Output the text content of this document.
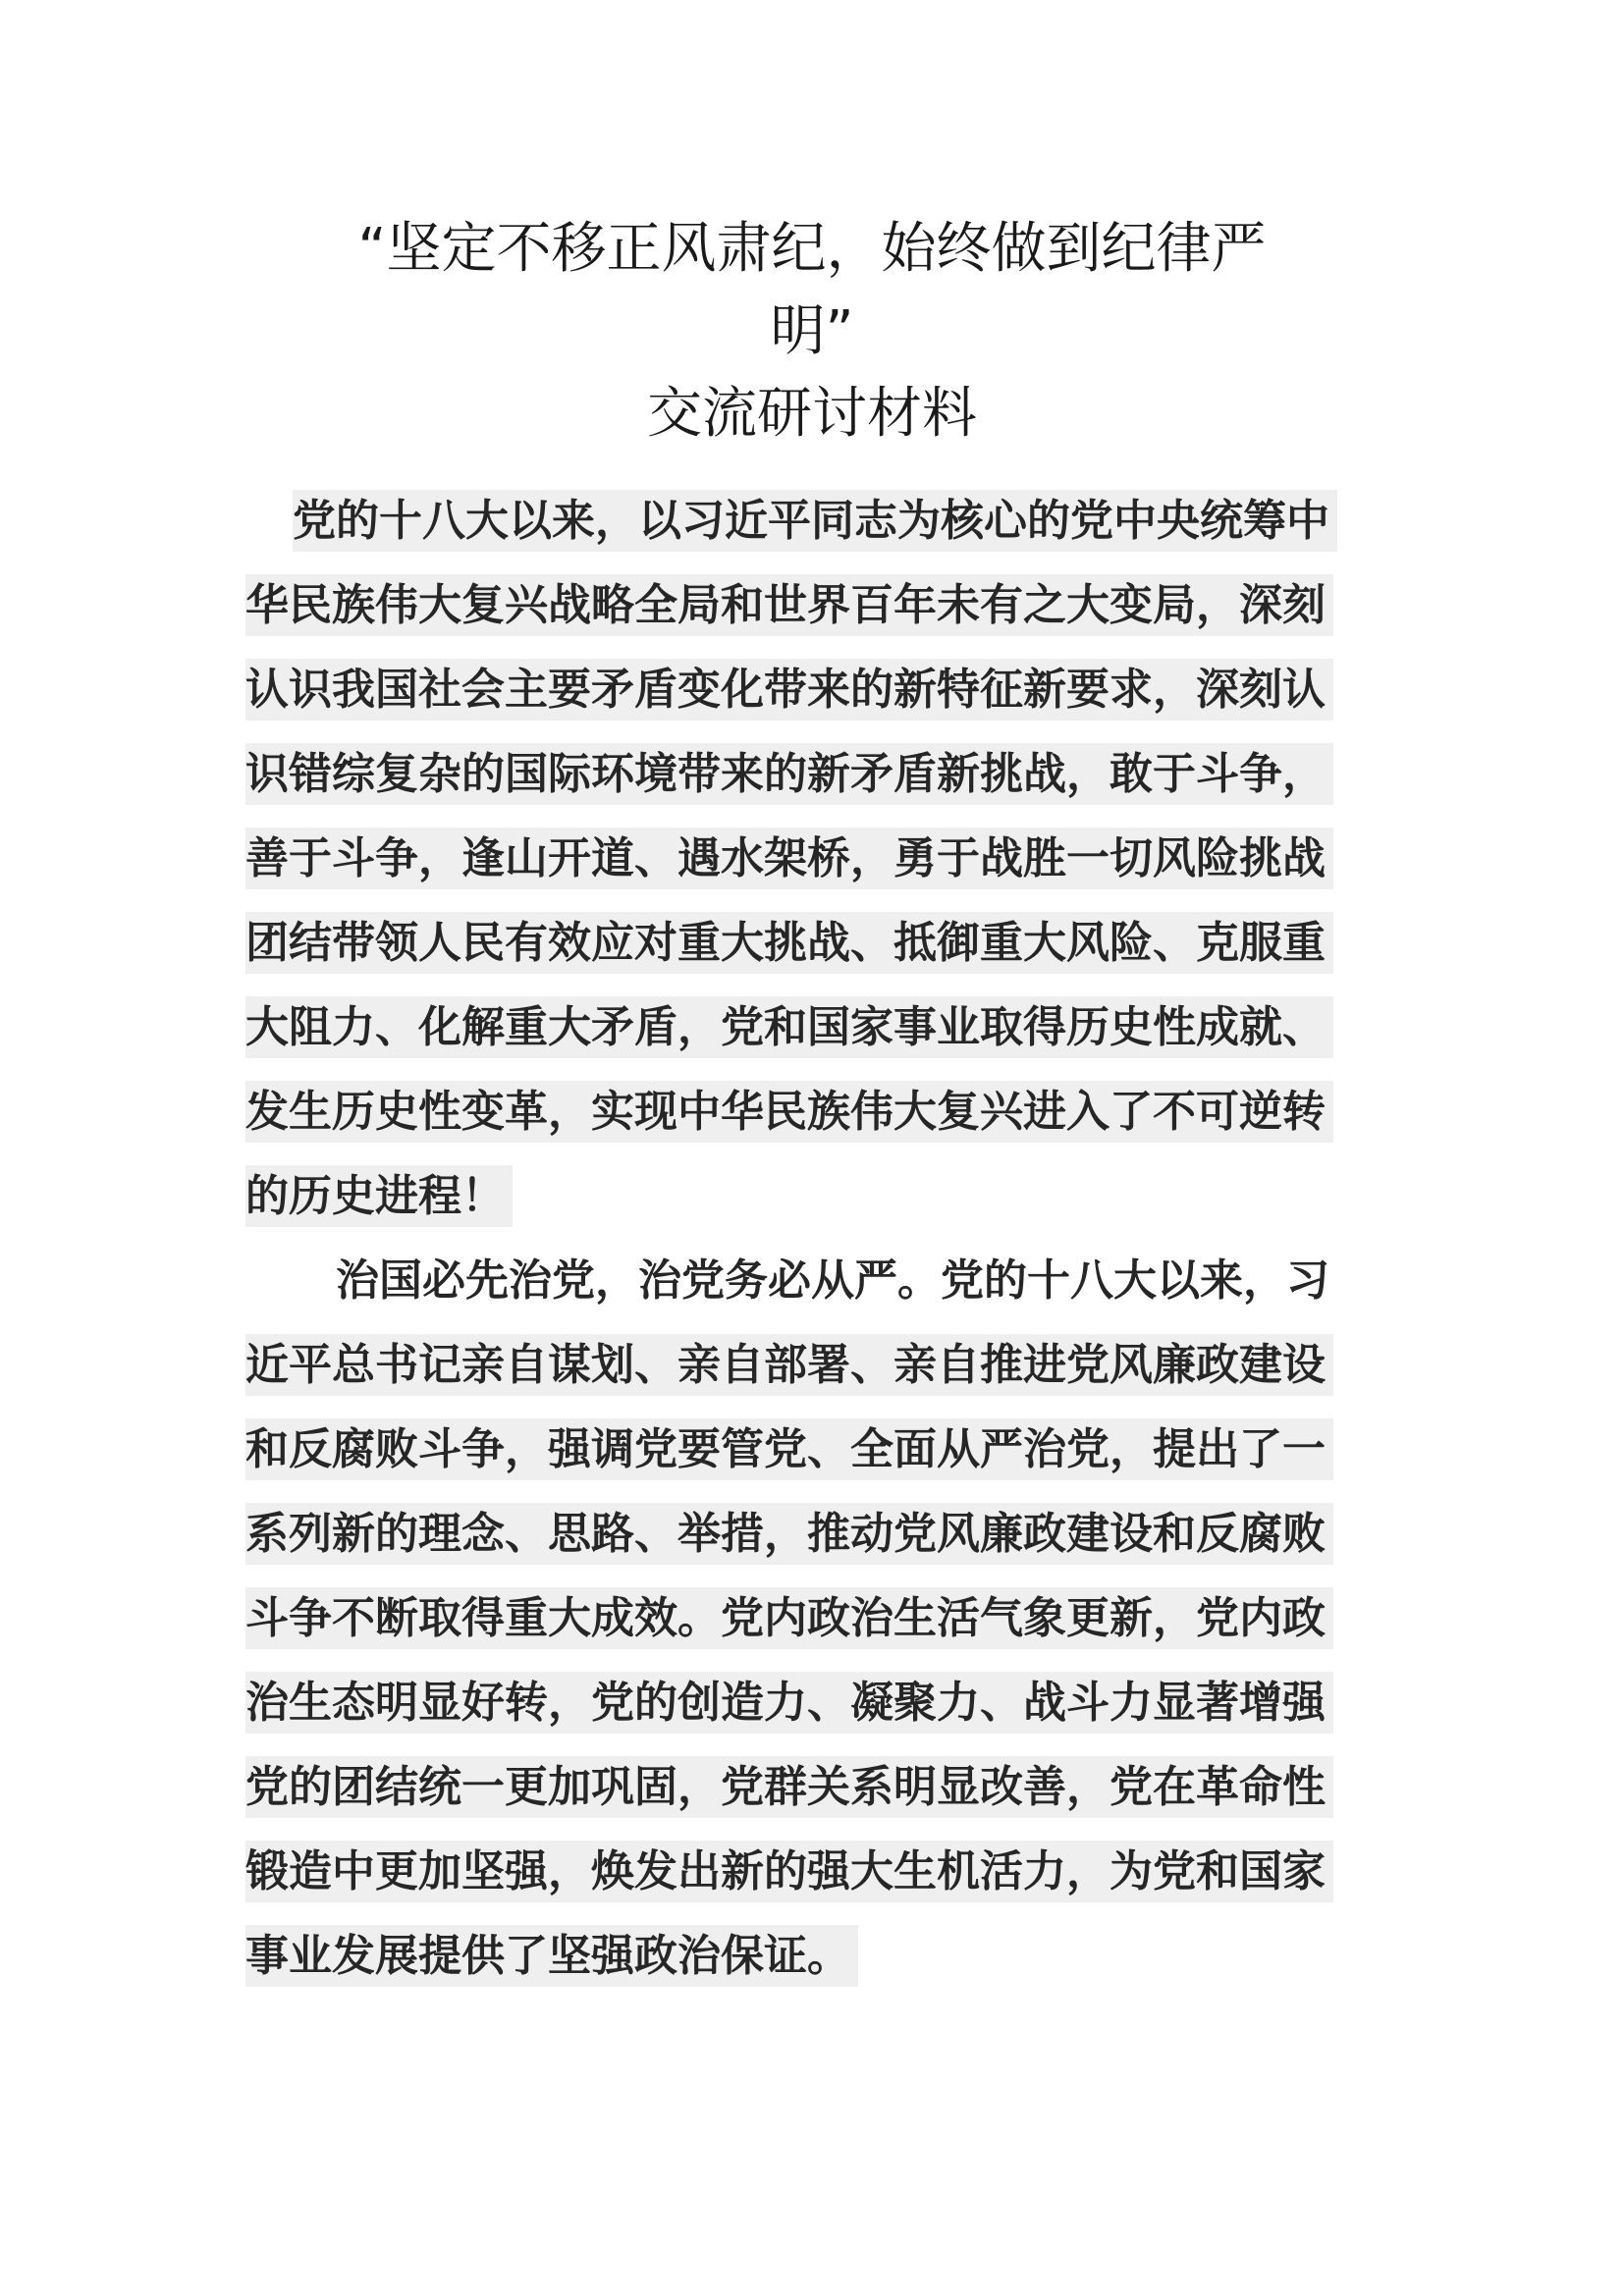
“坚定不移正风肃纪，始终做到纪律严
明”
交流研讨材料
党的十八大以来，以习近平同志为核心的党中央统筹中
华民族伟大复兴战略全局和世界百年未有之大变局，深刻
认识我国社会主要矛盾变化带来的新特征新要求，深刻认
识错综复杂的国际环境带来的新矛盾新挑战，敢于斗争，
善于斗争，逢山开道、遇水架桥，勇于战胜一切风险挑战
团结带领人民有效应对重大挑战、抵御重大风险、克服重
大阻力、化解重大矛盾，党和国家事业取得历史性成就、
发生历史性变革，实现中华民族伟大复兴进入了不可逆转
的历史进程！
治国必先治党，治党务必从严。党的十八大以来，习
近平总书记亲自谋划、亲自部署、亲自推进党风廉政建设
和反腐败斗争，强调党要管党、全面从严治党，提出了一
系列新的理念、思路、举措，推动党风廉政建设和反腐败
斗争不断取得重大成效。党内政治生活气象更新，党内政
治生态明显好转，党的创造力、凝聚力、战斗力显著增强
党的团结统一更加巩固，党群关系明显改善，党在革命性
锻造中更加坚强，焕发出新的强大生机活力，为党和国家
事业发展提供了坚强政治保证。
